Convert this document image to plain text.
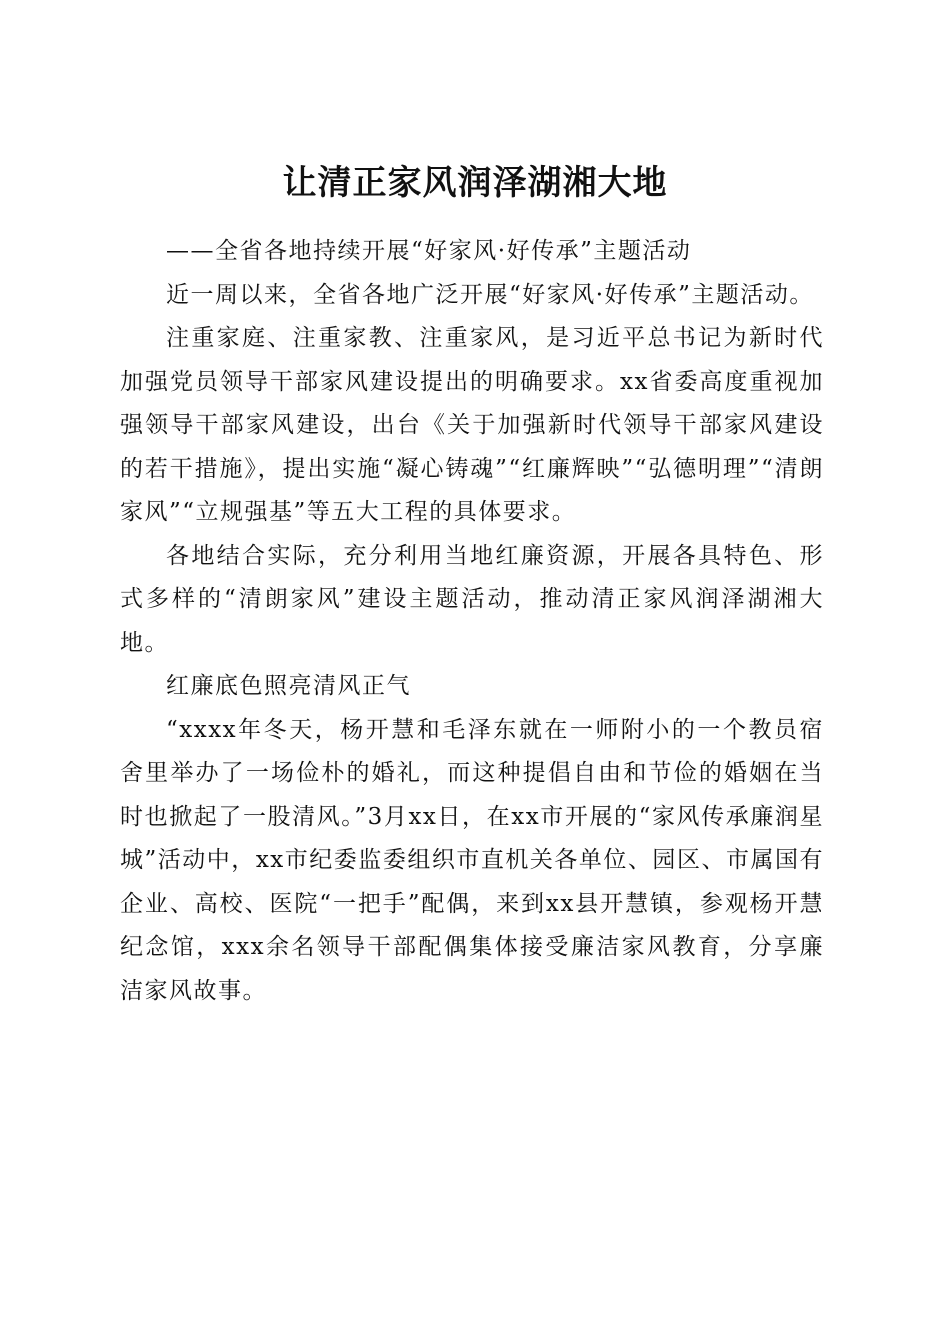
让清正家风润泽湖湘大地

——全省各地持续开展“好家风·好传承”主题活动

近一周以来，全省各地广泛开展“好家风·好传承”主题活动。

注重家庭、注重家教、注重家风，是习近平总书记为新时代加强党员领导干部家风建设提出的明确要求。xx省委高度重视加强领导干部家风建设，出台《关于加强新时代领导干部家风建设的若干措施》，提出实施“凝心铸魂”“红廉辉映”“弘德明理”“清朗家风”“立规强基”等五大工程的具体要求。

各地结合实际，充分利用当地红廉资源，开展各具特色、形式多样的“清朗家风”建设主题活动，推动清正家风润泽湖湘大地。

红廉底色照亮清风正气

“xxxx年冬天，杨开慧和毛泽东就在一师附小的一个教员宿舍里举办了一场俭朴的婚礼，而这种提倡自由和节俭的婚姻在当时也掀起了一股清风。”3月xx日，在xx市开展的“家风传承廉润星城”活动中，xx市纪委监委组织市直机关各单位、园区、市属国有企业、高校、医院“一把手”配偶，来到xx县开慧镇，参观杨开慧纪念馆，xxx余名领导干部配偶集体接受廉洁家风教育，分享廉洁家风故事。
